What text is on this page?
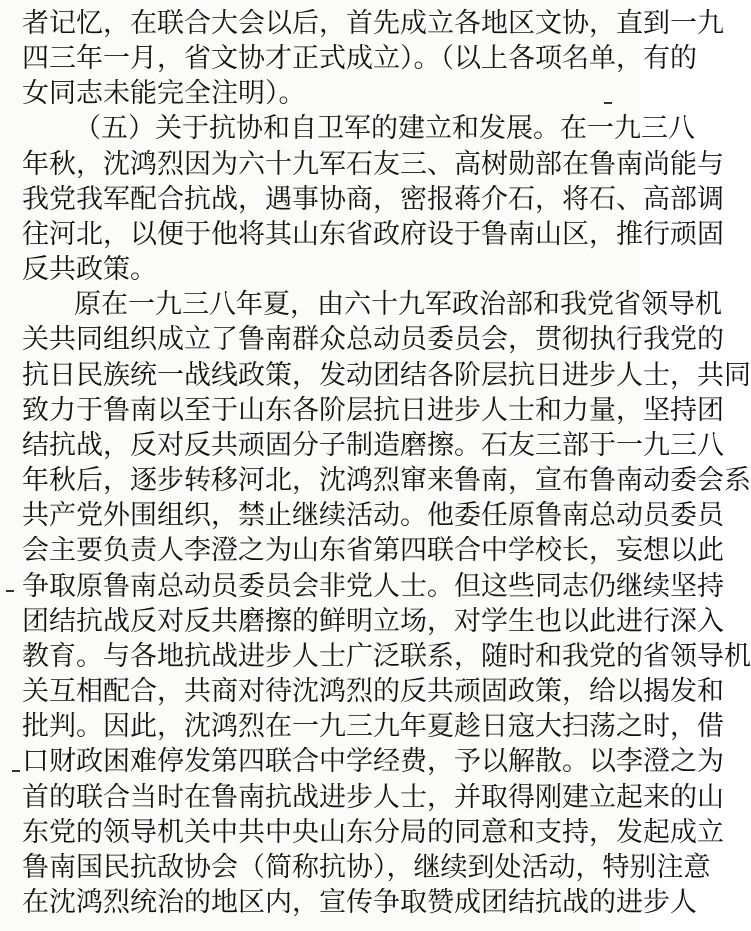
者记忆，在联合大会以后，首先成立各地区文协，直到一九
四三年一月，省文协才正式成立）。（以上各项名单，有的
女同志未能完全注明）。
（五）关于抗协和自卫军的建立和发展。在一九三八
年秋，沈鸿烈因为六十九军石友三、高树勋部在鲁南尚能与
我党我军配合抗战，遇事协商，密报蒋介石，将石、高部调
往河北，以便于他将其山东省政府设于鲁南山区，推行顽固
反共政策。
原在一九三八年夏，由六十九军政治部和我党省领导机
关共同组织成立了鲁南群众总动员委员会，贯彻执行我党的
抗日民族统一战线政策，发动团结各阶层抗日进步人士，共同
致力于鲁南以至于山东各阶层抗日进步人士和力量，坚持团
结抗战，反对反共顽固分子制造磨擦。石友三部于一九三八
年秋后，逐步转移河北，沈鸿烈窜来鲁南，宣布鲁南动委会系
共产党外围组织，禁止继续活动。他委任原鲁南总动员委员
会主要负责人李澄之为山东省第四联合中学校长，妄想以此
争取原鲁南总动员委员会非党人士。但这些同志仍继续坚持
团结抗战反对反共磨擦的鲜明立场，对学生也以此进行深入
教育。与各地抗战进步人士广泛联系，随时和我党的省领导机
关互相配合，共商对待沈鸿烈的反共顽固政策，给以揭发和
批判。因此，沈鸿烈在一九三九年夏趁日寇大扫荡之时，借
口财政困难停发第四联合中学经费，予以解散。以李澄之为
首的联合当时在鲁南抗战进步人士，并取得刚建立起来的山
东党的领导机关中共中央山东分局的同意和支持，发起成立
鲁南国民抗敌协会（简称抗协），继续到处活动，特别注意
在沈鸿烈统治的地区内，宣传争取赞成团结抗战的进步人
